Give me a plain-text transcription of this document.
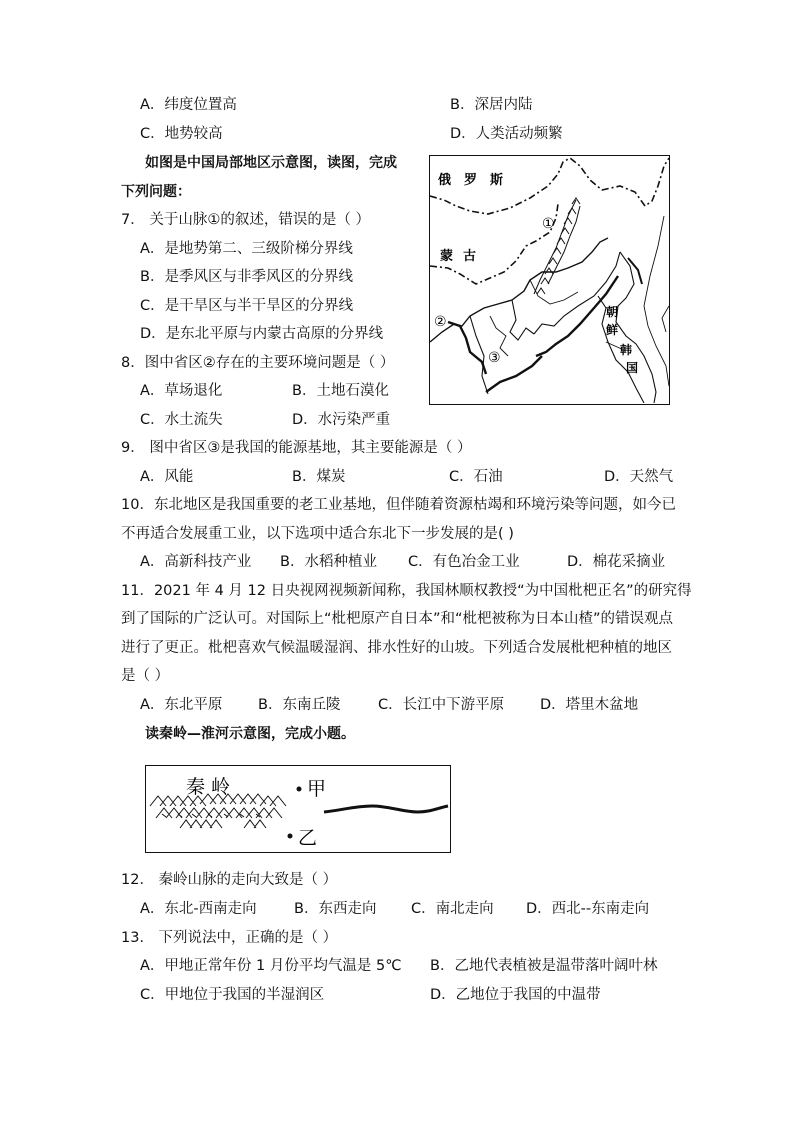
A．纬度位置高	B．深居内陆
C．地势较高	D．人类活动频繁
如图是中国局部地区示意图，读图，完成
下列问题：
7． 关于山脉①的叙述，错误的是（ ）
A．是地势第二、三级阶梯分界线
B．是季风区与非季风区的分界线
C．是干旱区与半干旱区的分界线
D．是东北平原与内蒙古高原的分界线
8．图中省区②存在的主要环境问题是（ ）
A．草场退化	B．土地石漠化
C．水土流失	D．水污染严重
9． 图中省区③是我国的能源基地，其主要能源是（ ）
A．风能	B．煤炭	C．石油	D．天然气
10．东北地区是我国重要的老工业基地，但伴随着资源枯竭和环境污染等问题，如今已
不再适合发展重工业，以下选项中适合东北下一步发展的是( )
A．高新科技产业 B．水稻种植业 C．有色冶金工业	D．棉花采摘业
11．2021 年 4 月 12 日央视网视频新闻称，我国林顺权教授“为中国枇杷正名”的研究得
到了国际的广泛认可。对国际上“枇杷原产自日本”和“枇杷被称为日本山楂”的错误观点
进行了更正。枇杷喜欢气候温暖湿润、排水性好的山坡。下列适合发展枇杷种植的地区
是（ ）
A．东北平原 B．东南丘陵	C．长江中下游平原 D．塔里木盆地
读秦岭—淮河示意图，完成小题。
12． 秦岭山脉的走向大致是（ ）
A．东北-西南走向	B．东西走向 C．南北走向 D．西北--东南走向
13． 下列说法中，正确的是（ ）
A．甲地正常年份 1 月份平均气温是 5℃ B．乙地代表植被是温带落叶阔叶林
C．甲地位于我国的半湿润区	D．乙地位于我国的中温带
俄　罗　斯
蒙 古
朝
鲜
韩
国
①
②
③
秦 岭	甲
乙
